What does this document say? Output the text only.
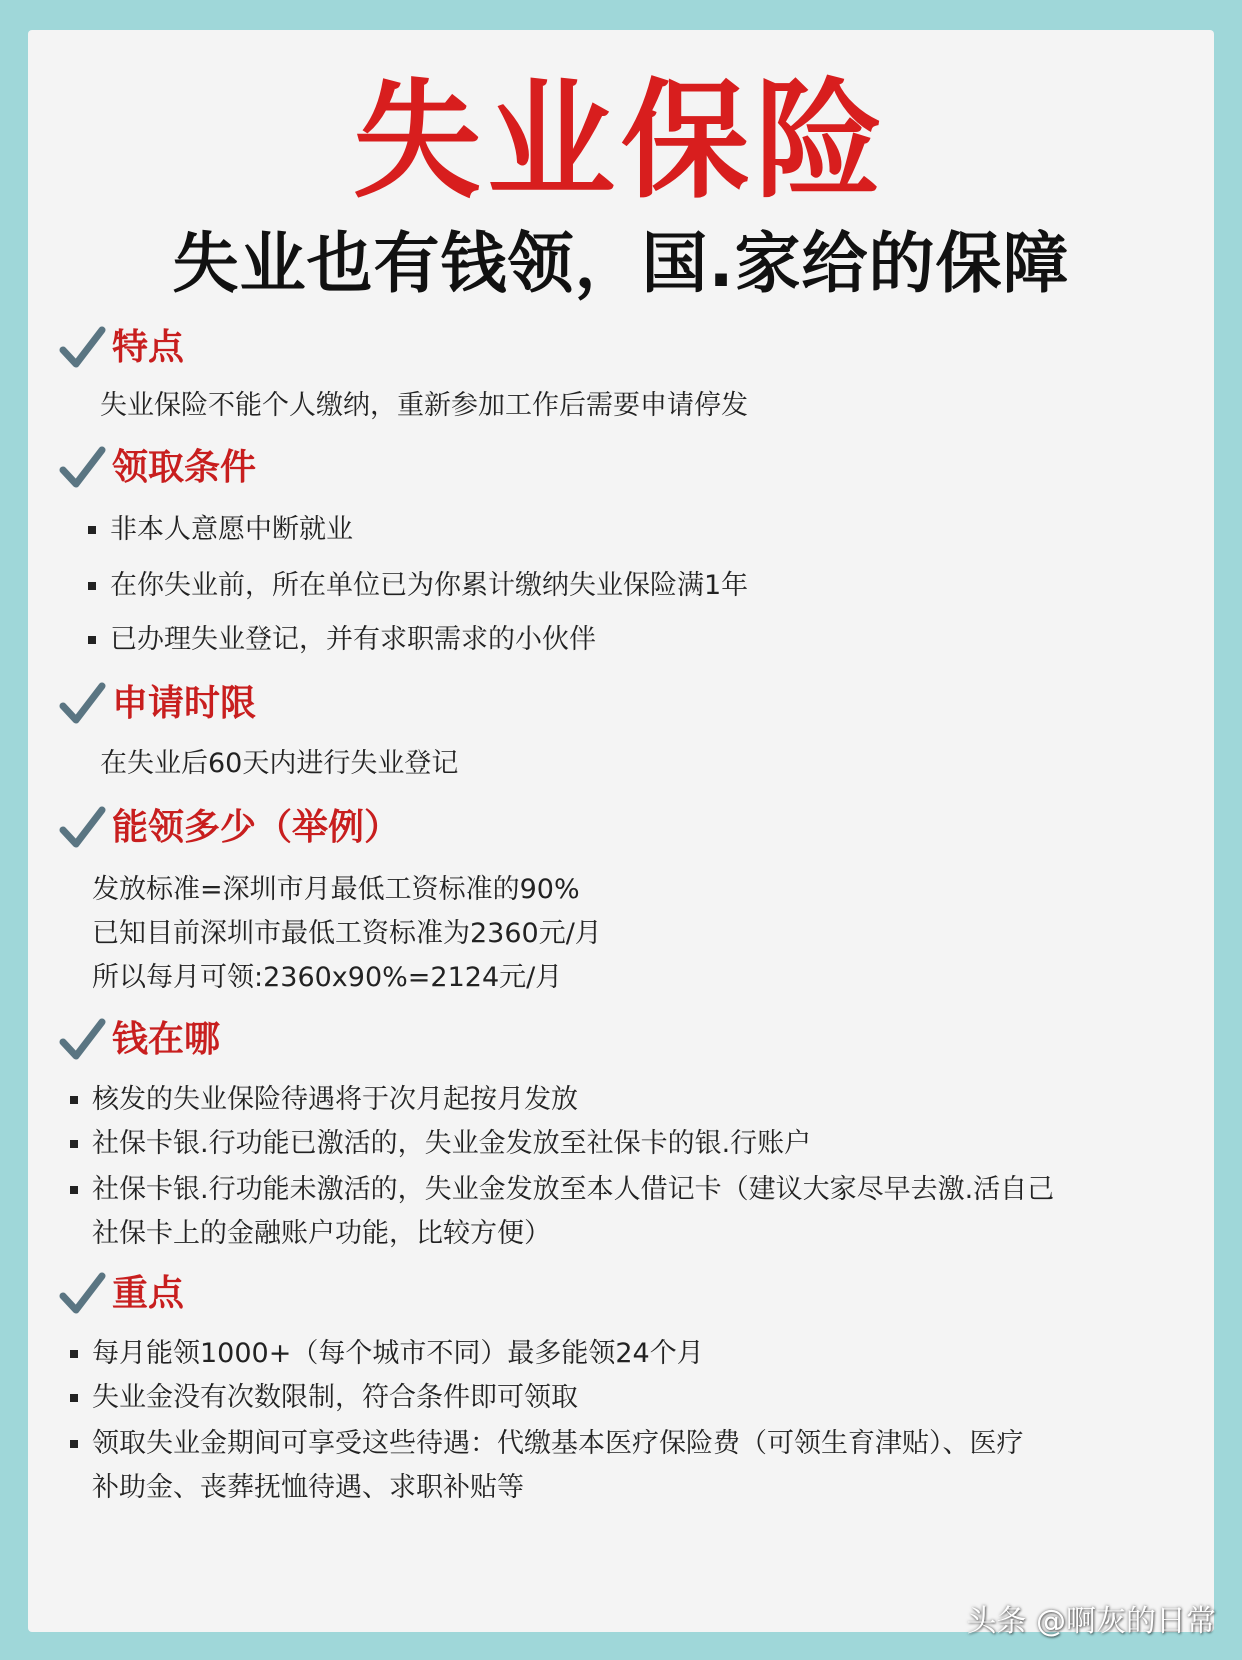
失业保险
失业也有钱领，国.家给的保障
特点
失业保险不能个人缴纳，重新参加工作后需要申请停发
领取条件
非本人意愿中断就业
在你失业前，所在单位已为你累计缴纳失业保险满1年
已办理失业登记，并有求职需求的小伙伴
申请时限
在失业后60天内进行失业登记
能领多少（举例）
发放标准=深圳市月最低工资标准的90%
已知目前深圳市最低工资标准为2360元/月
所以每月可领:2360x90%=2124元/月
钱在哪
核发的失业保险待遇将于次月起按月发放
社保卡银.行功能已激活的，失业金发放至社保卡的银.行账户
社保卡银.行功能未激活的，失业金发放至本人借记卡（建议大家尽早去激.活自己
社保卡上的金融账户功能，比较方便）
重点
每月能领1000+（每个城市不同）最多能领24个月
失业金没有次数限制，符合条件即可领取
领取失业金期间可享受这些待遇：代缴基本医疗保险费（可领生育津贴）、医疗
补助金、丧葬抚恤待遇、求职补贴等
头条 @啊灰的日常
